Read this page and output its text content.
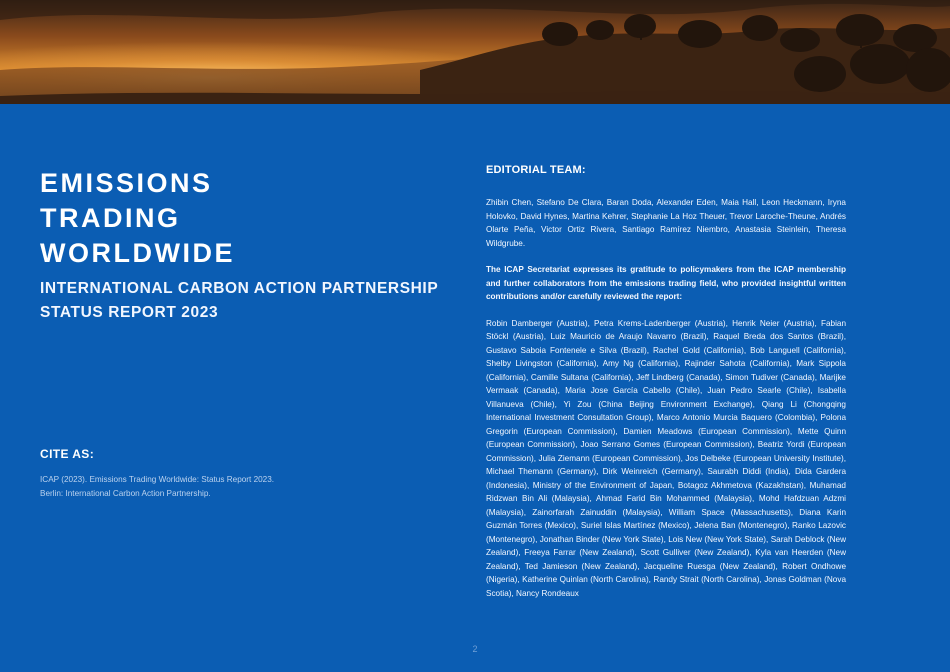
EMISSIONS
TRADING
WORLDWIDE

INTERNATIONAL CARBON ACTION PARTNERSHIP
STATUS REPORT 2023

CITE AS:

ICAP (2023). Emissions Trading Worldwide: Status Report 2023.
Berlin: International Carbon Action Partnership.

EDITORIAL TEAM:

Zhibin Chen, Stefano De Clara, Baran Doda, Alexander Eden, Maia Hall, Leon Heckmann, Iryna Holovko, David Hynes, Martina Kehrer, Stephanie La Hoz Theuer, Trevor Laroche-Theune, Andrés Olarte Peña, Victor Ortiz Rivera, Santiago Ramírez Niembro, Anastasia Steinlein, Theresa Wildgrube.

The ICAP Secretariat expresses its gratitude to policymakers from the ICAP membership and further collaborators from the emissions trading field, who provided insightful written contributions and/or carefully reviewed the report:

Robin Damberger (Austria), Petra Krems-Ladenberger (Austria), Henrik Neier (Austria), Fabian Stöckl (Austria), Luiz Mauricio de Araujo Navarro (Brazil), Raquel Breda dos Santos (Brazil), Gustavo Saboia Fontenele e Silva (Brazil), Rachel Gold (California), Bob Languell (California), Shelby Livingston (California), Amy Ng (California), Rajinder Sahota (California), Mark Sippola (California), Camille Sultana (California), Jeff Lindberg (Canada), Simon Tudiver (Canada), Marijke Vermaak (Canada), Maria Jose García Cabello (Chile), Juan Pedro Searle (Chile), Isabella Villanueva (Chile), Yi Zou (China Beijing Environment Exchange), Qiang Li (Chongqing International Investment Consultation Group), Marco Antonio Murcia Baquero (Colombia), Polona Gregorin (European Commission), Damien Meadows (European Commission), Mette Quinn (European Commission), Joao Serrano Gomes (European Commission), Beatriz Yordi (European Commission), Julia Ziemann (European Commission), Jos Delbeke (European University Institute), Michael Themann (Germany), Dirk Weinreich (Germany), Saurabh Diddi (India), Dida Gardera (Indonesia), Ministry of the Environment of Japan, Botagoz Akhmetova (Kazakhstan), Muhamad Ridzwan Bin Ali (Malaysia), Ahmad Farid Bin Mohammed (Malaysia), Mohd Hafdzuan Adzmi (Malaysia), Zainorfarah Zainuddin (Malaysia), William Space (Massachusetts), Diana Karin Guzmán Torres (Mexico), Suriel Islas Martínez (Mexico), Jelena Ban (Montenegro), Ranko Lazovic (Montenegro), Jonathan Binder (New York State), Lois New (New York State), Sarah Deblock (New Zealand), Freeya Farrar (New Zealand), Scott Gulliver (New Zealand), Kyla van Heerden (New Zealand), Ted Jamieson (New Zealand), Jacqueline Ruesga (New Zealand), Robert Ondhowe (Nigeria), Katherine Quinlan (North Carolina), Randy Strait (North Carolina), Jonas Goldman (Nova Scotia), Nancy Rondeaux

2
